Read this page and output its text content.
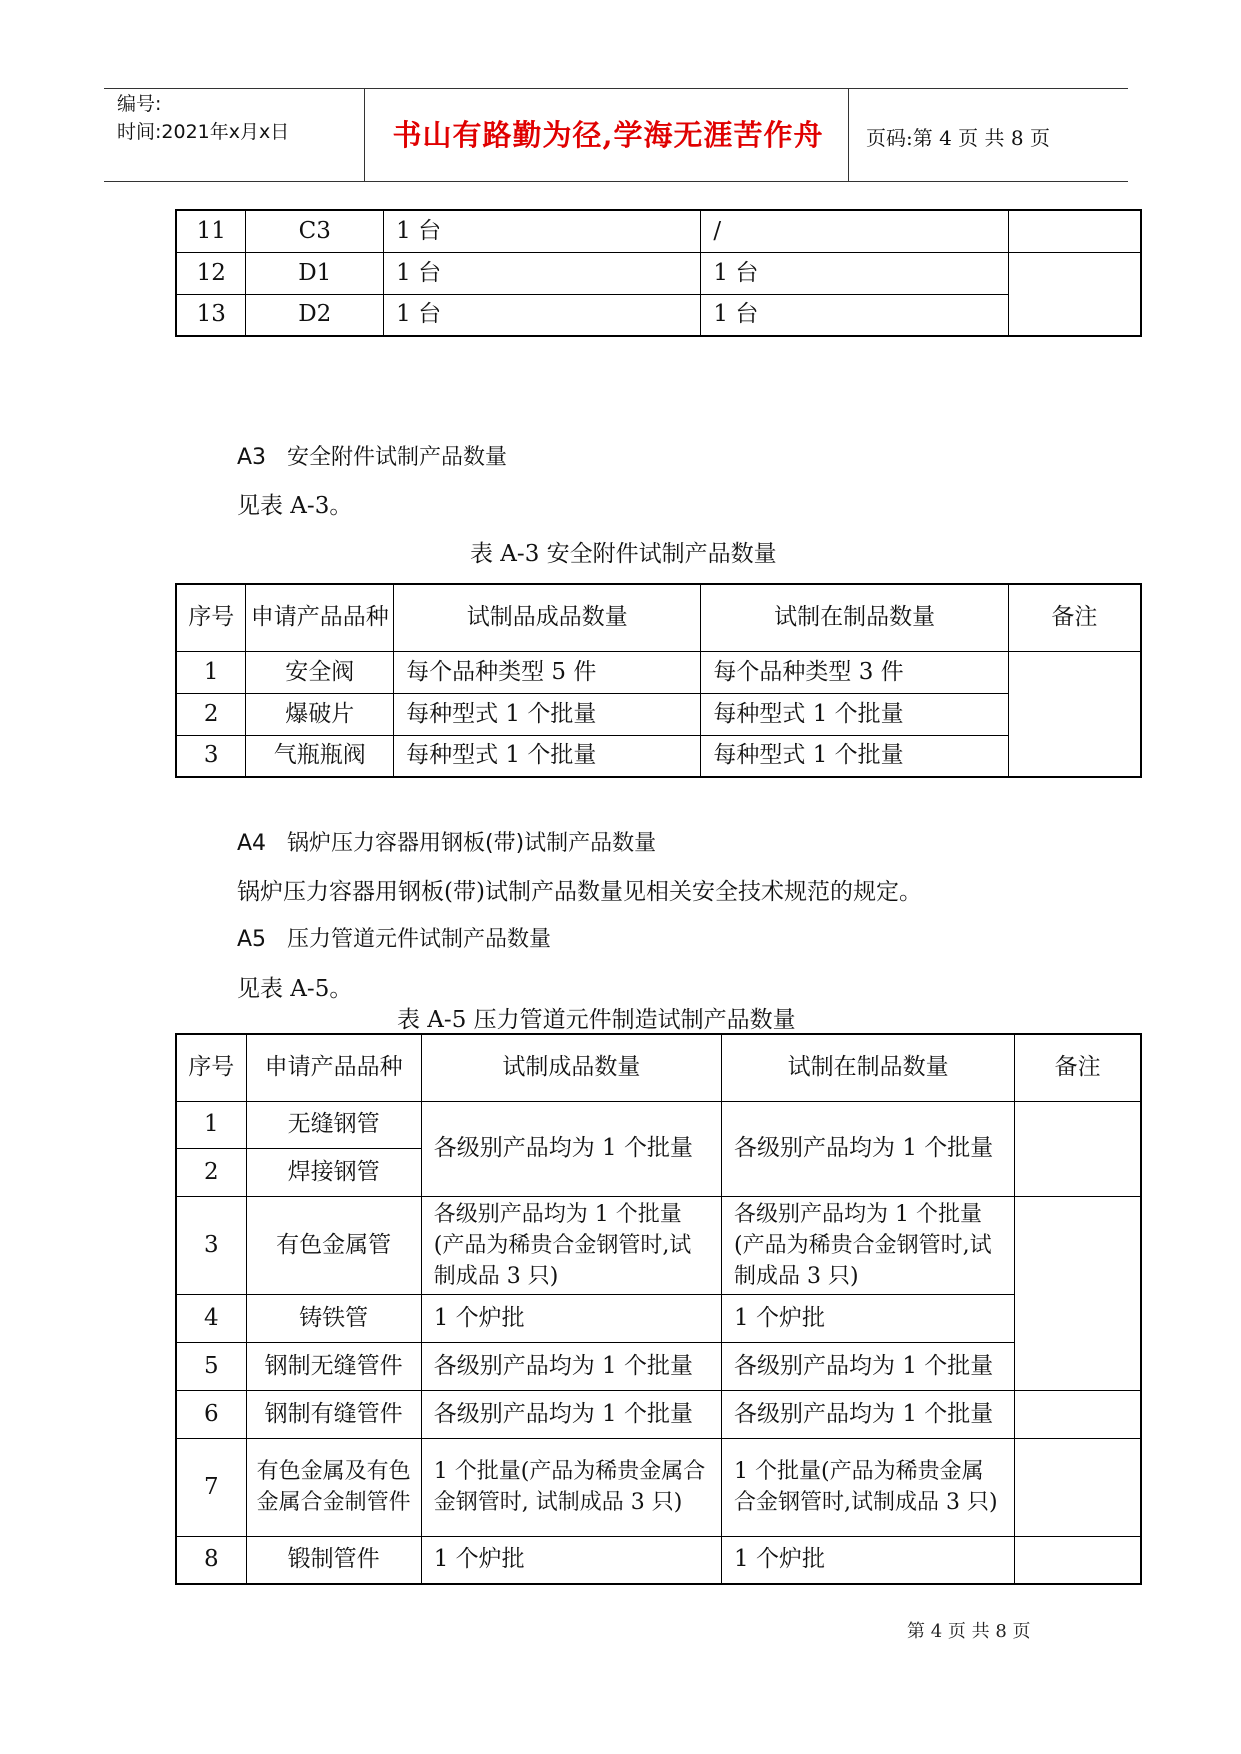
编号:
时间:2021年x月x日	书山有路勤为径,学海无涯苦作舟	页码:第 4 页 共 8 页
11	C3	1 台	/	
12	D1	1 台	1 台	
13	D2	1 台	1 台	
A3 安全附件试制产品数量
见表 A-3。
表 A-3 安全附件试制产品数量
序号	申请产品品种	试制品成品数量	试制在制品数量	备注
1	安全阀	每个品种类型 5 件	每个品种类型 3 件	
2	爆破片	每种型式 1 个批量	每种型式 1 个批量	
3	气瓶瓶阀	每种型式 1 个批量	每种型式 1 个批量	
A4 锅炉压力容器用钢板(带)试制产品数量
锅炉压力容器用钢板(带)试制产品数量见相关安全技术规范的规定。
A5 压力管道元件试制产品数量
见表 A-5。
表 A-5 压力管道元件制造试制产品数量
序号	申请产品品种	试制成品数量	试制在制品数量	备注
1	无缝钢管	各级别产品均为 1 个批量	各级别产品均为 1 个批量	
2	焊接钢管			
3	有色金属管	各级别产品均为 1 个批量(产品为稀贵合金钢管时,试制成品 3 只)	各级别产品均为 1 个批量(产品为稀贵合金钢管时,试制成品 3 只)	
4	铸铁管	1 个炉批	1 个炉批	
5	钢制无缝管件	各级别产品均为 1 个批量	各级别产品均为 1 个批量	
6	钢制有缝管件	各级别产品均为 1 个批量	各级别产品均为 1 个批量	
7	有色金属及有色金属合金制管件	1 个批量(产品为稀贵金属合金钢管时, 试制成品 3 只)	1 个批量(产品为稀贵金属合金钢管时,试制成品 3 只)	
8	锻制管件	1 个炉批	1 个炉批	
第 4 页 共 8 页
